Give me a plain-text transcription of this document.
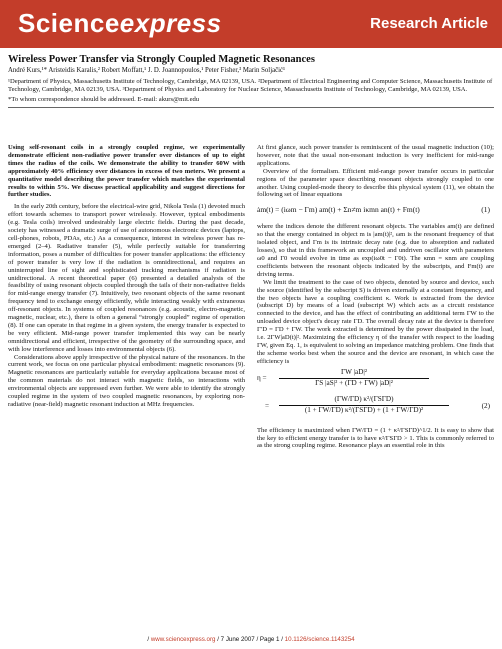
Scienceexpress	Research Article
Wireless Power Transfer via Strongly Coupled Magnetic Resonances
André Kurs,¹* Aristeidis Karalis,² Robert Moffatt,¹ J. D. Joannopoulos,¹ Peter Fisher,³ Marin Soljačić¹
¹Department of Physics, Massachusetts Institute of Technology, Cambridge, MA 02139, USA. ²Department of Electrical Engineering and Computer Science, Massachusetts Institute of Technology, Cambridge, MA 02139, USA. ³Department of Physics and Laboratory for Nuclear Science, Massachusetts Institute of Technology, Cambridge, MA 02139, USA.
*To whom correspondence should be addressed. E-mail: akurs@mit.edu
Using self-resonant coils in a strongly coupled regime, we experimentally demonstrate efficient non-radiative power transfer over distances of up to eight times the radius of the coils. We demonstrate the ability to transfer 60W with approximately 40% efficiency over distances in excess of two meters. We present a quantitative model describing the power transfer which matches the experimental results to within 5%. We discuss practical applicability and suggest directions for further studies.

In the early 20th century, before the electrical-wire grid, Nikola Tesla (1) devoted much effort towards schemes to transport power wirelessly. However, typical embodiments (e.g. Tesla coils) involved undesirably large electric fields. During the past decade, society has witnessed a dramatic surge of use of autonomous electronic devices (laptops, cell-phones, robots, PDAs, etc.) As a consequence, interest in wireless power has re-emerged (2–4). Radiative transfer (5), while perfectly suitable for transferring information, poses a number of difficulties for power transfer applications: the efficiency of power transfer is very low if the radiation is omnidirectional, and requires an uninterrupted line of sight and sophisticated tracking mechanisms if radiation is unidirectional. A recent theoretical paper (6) presented a detailed analysis of the feasibility of using resonant objects coupled through the tails of their non-radiative fields for mid-range energy transfer (7). Intuitively, two resonant objects of the same resonant frequency tend to exchange energy efficiently, while interacting weakly with extraneous off-resonant objects. In systems of coupled resonances (e.g. acoustic, electro-magnetic, magnetic, nuclear, etc.), there is often a general “strongly coupled” regime of operation (8). If one can operate in that regime in a given system, the energy transfer is expected to be very efficient. Mid-range power transfer implemented this way can be nearly omnidirectional and efficient, irrespective of the geometry of the surrounding space, and with low interference and losses into environmental objects (6).

Considerations above apply irrespective of the physical nature of the resonances. In the current work, we focus on one particular physical embodiment: magnetic resonances (9). Magnetic resonances are particularly suitable for everyday applications because most of the common materials do not interact with magnetic fields, so interactions with environmental objects are suppressed even further. We were able to identify the strongly coupled regime in the system of two coupled magnetic resonances, by exploring non-radiative (near-field) magnetic resonant induction at MHz frequencies.

At first glance, such power transfer is reminiscent of the usual magnetic induction (10); however, note that the usual non-resonant induction is very inefficient for mid-range applications.

Overview of the formalism. Efficient mid-range power transfer occurs in particular regions of the parameter space describing resonant objects strongly coupled to one another. Using coupled-mode theory to describe this physical system (11), we obtain the following set of linear equations

ȧm(t) = (iωm − Γm) am(t) + Σn≠m iκmn an(t) + Fm(t)	(1)

where the indices denote the different resonant objects. The variables am(t) are defined so that the energy contained in object m is |am(t)|², ωm is the resonant frequency of that isolated object, and Γm is its intrinsic decay rate (e.g. due to absorption and radiated losses), so that in this framework an uncoupled and undriven oscillator with parameters ω0 and Γ0 would evolve in time as exp(iω0t − Γ0t). The κmn = κnm are coupling coefficients between the resonant objects indicated by the subscripts, and Fm(t) are driving terms.

We limit the treatment to the case of two objects, denoted by source and device, such the source (identified by the subscript S) is driven externally at a constant frequency, and the two objects have a coupling coefficient κ. Work is extracted from the device (subscript D) by means of a load (subscript W) which acts as a circuit resistance connected to the device, and has the effect of contributing an additional term ΓW to the unloaded device object's decay rate ΓD. The overall decay rate at the device is therefore Γ′D = ΓD + ΓW. The work extracted is determined by the power dissipated in the load, i.e. 2ΓW|aD(t)|². Maximizing the efficiency η of the transfer with respect to the loading ΓW, given Eq. 1, is equivalent to solving an impedance matching problem. One finds that the scheme works best when the source and the device are resonant, in which case the efficiency is

η =
ΓW |aD|²
ΓS |aS|² + (ΓD + ΓW) |aD|²
=
(ΓW/ΓD) κ²/(ΓSΓD)
(1 + ΓW/ΓD) κ²/(ΓSΓD) + (1 + ΓW/ΓD)²	(2)

The efficiency is maximized when ΓW/ΓD = (1 + κ²/ΓSΓD)^1/2. It is easy to show that the key to efficient energy transfer is to have κ²/ΓSΓD > 1. This is commonly referred to as the strong coupling regime. Resonance plays an essential role in this

/ www.sciencexpress.org / 7 June 2007 / Page 1 / 10.1126/science.1143254
